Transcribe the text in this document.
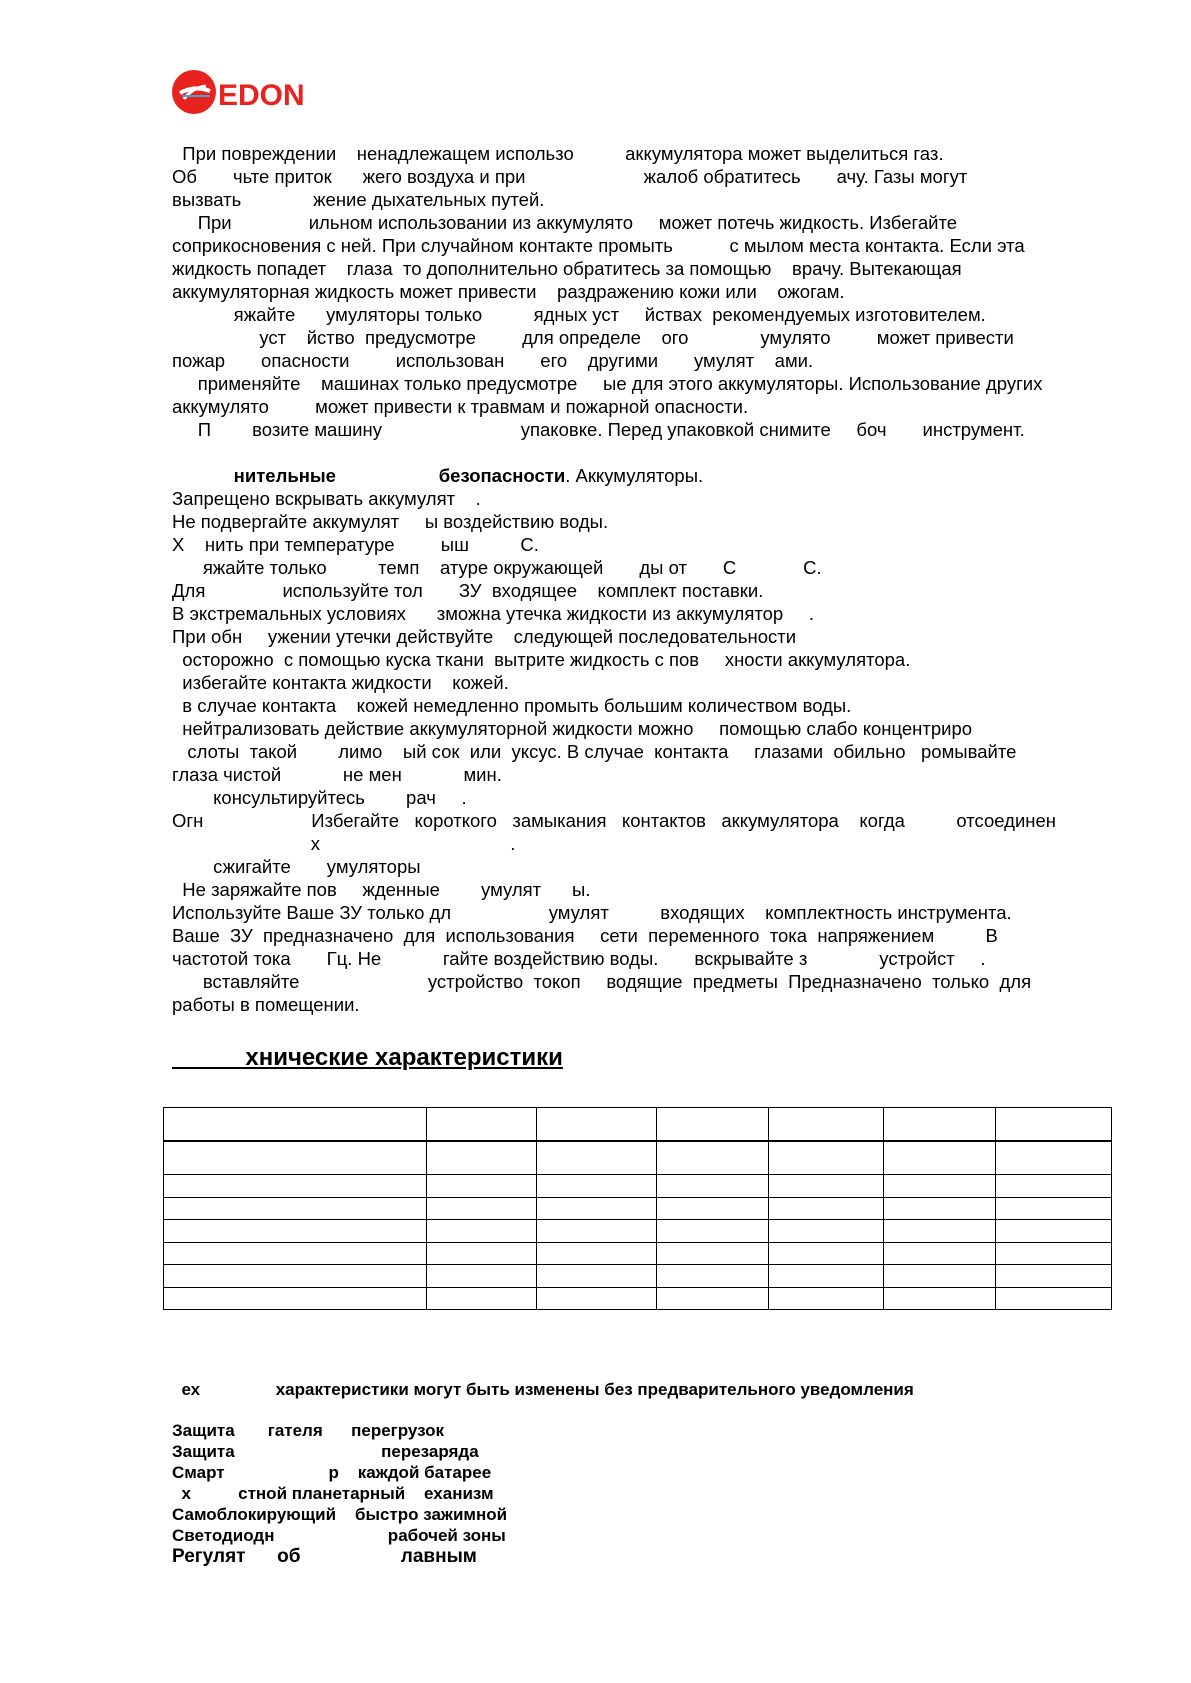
EDON
При повреждении    ненадлежащем использо          аккумулятора может выделиться газ.
Об       чьте приток      жего воздуха и при                       жалоб обратитесь       ачу. Газы могут
вызвать              жение дыхательных путей.
При               ильном использовании из аккумулято     может потечь жидкость. Избегайте
соприкосновения с ней. При случайном контакте промыть           с мылом места контакта. Если эта
жидкость попадет    глаза  то дополнительно обратитесь за помощью    врачу. Вытекающая
аккумуляторная жидкость может привести    раздражению кожи или    ожогам.
яжайте      умуляторы только          ядных уст     йствах  рекомендуемых изготовителем.
уст    йство  предусмотре         для определе    ого              умулято         может привести
пожар       опасности         использован       его    другими       умулят    ами.
применяйте    машинах только предусмотре     ые для этого аккумуляторы. Использование других
аккумулято         может привести к травмам и пожарной опасности.
П        возите машину                           упаковке. Перед упаковкой снимите     боч       инструмент.
нительные                    безопасности. Аккумуляторы.
Запрещено вскрывать аккумулят    .
Не подвергайте аккумулят     ы воздействию воды.
Х    нить при температуре         ыш          С.
яжайте только          темп    атуре окружающей       ды от       С             С.
Для               используйте тол       ЗУ  входящее    комплект поставки.
В экстремальных условиях      зможна утечка жидкости из аккумулятор     .
При обн     ужении утечки действуйте    следующей последовательности
осторожно  с помощью куска ткани  вытрите жидкость с пов     хности аккумулятора.
избегайте контакта жидкости    кожей.
в случае контакта    кожей немедленно промыть большим количеством воды.
нейтрализовать действие аккумуляторной жидкости можно     помощью слабо концентриро
слоты  такой        лимо    ый сок  или  уксус. В случае  контакта     глазами  обильно   ромывайте
глаза чистой            не мен            мин.
консультируйтесь        рач     .
Огн                     Избегайте   короткого   замыкания   контактов   аккумулятора    когда          отсоединен
х                                     .
сжигайте       умуляторы
Не заряжайте пов     жденные        умулят      ы.
Используйте Ваше ЗУ только дл                   умулят          входящих    комплектность инструмента.
Ваше  ЗУ  предназначено  для  использования     сети  переменного  тока  напряжением          В
частотой тока       Гц. Не            гайте воздействию воды.       вскрывайте з              устройст     .
вставляйте                         устройство  токоп     водящие  предметы  Предназначено  только  для
работы в помещении.
хнические характеристики

ех                характеристики могут быть изменены без предварительного уведомления
Защита       гателя      перегрузок
Защита                               перезаряда
Смарт                      р    каждой батарее
х          стной планетарный    еханизм
Самоблокирующий    быстро зажимной
Светодиодн                        рабочей зоны
Регулят      об                   лавным
